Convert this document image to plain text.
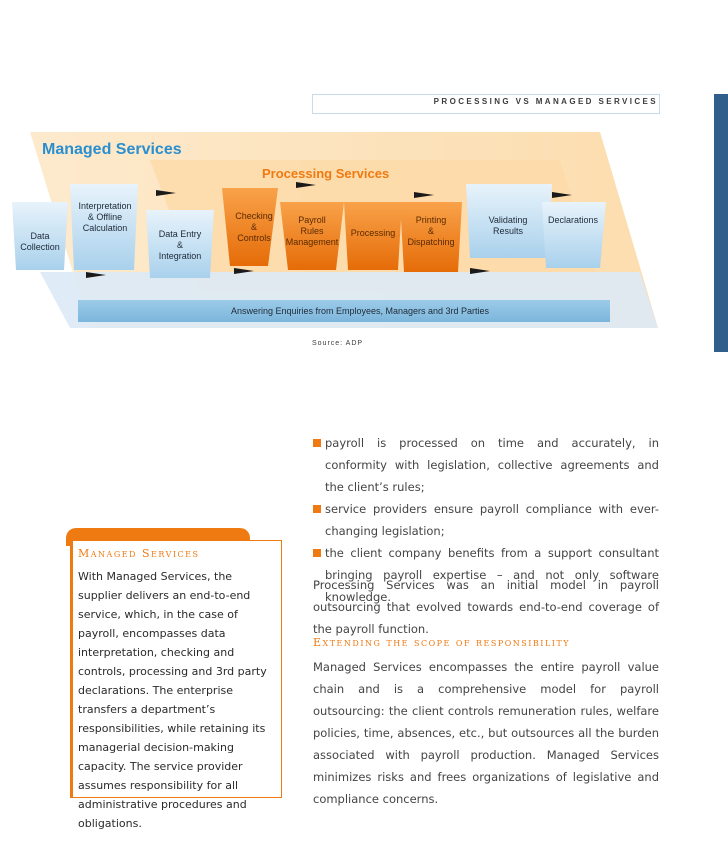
PROCESSING VS MANAGED SERVICES
Managed Services
Processing Services
Data
Collection
Interpretation
& Offline
Calculation
Data Entry
&
Integration
Checking
&
Controls
Payroll
Rules
Management
Processing
Printing
&
Dispatching
Validating
Results
Declarations
Answering Enquiries from Employees, Managers and 3rd Parties
Source: ADP
payroll is processed on time and accurately, in conformity with legislation, collective agreements and the client’s rules;
service providers ensure payroll compliance with ever-changing legislation;
the client company benefits from a support consultant bringing payroll expertise – and not only software knowledge.
Processing Services was an initial model in payroll outsourcing that evolved towards end-to-end coverage of the payroll function.
Extending the scope of responsibility
Managed Services encompasses the entire payroll value chain and is a comprehensive model for payroll outsourcing: the client controls remuneration rules, welfare policies, time, absences, etc., but outsources all the burden associated with payroll production. Managed Services minimizes risks and frees organizations of legislative and compliance concerns.
Managed Services
With Managed Services, the supplier delivers an end-to-end service, which, in the case of payroll, encompasses data interpretation, checking and controls, processing and 3rd party declarations. The enterprise transfers a department’s responsibilities, while retaining its managerial decision-making capacity. The service provider assumes responsibility for all administrative procedures and obligations.
